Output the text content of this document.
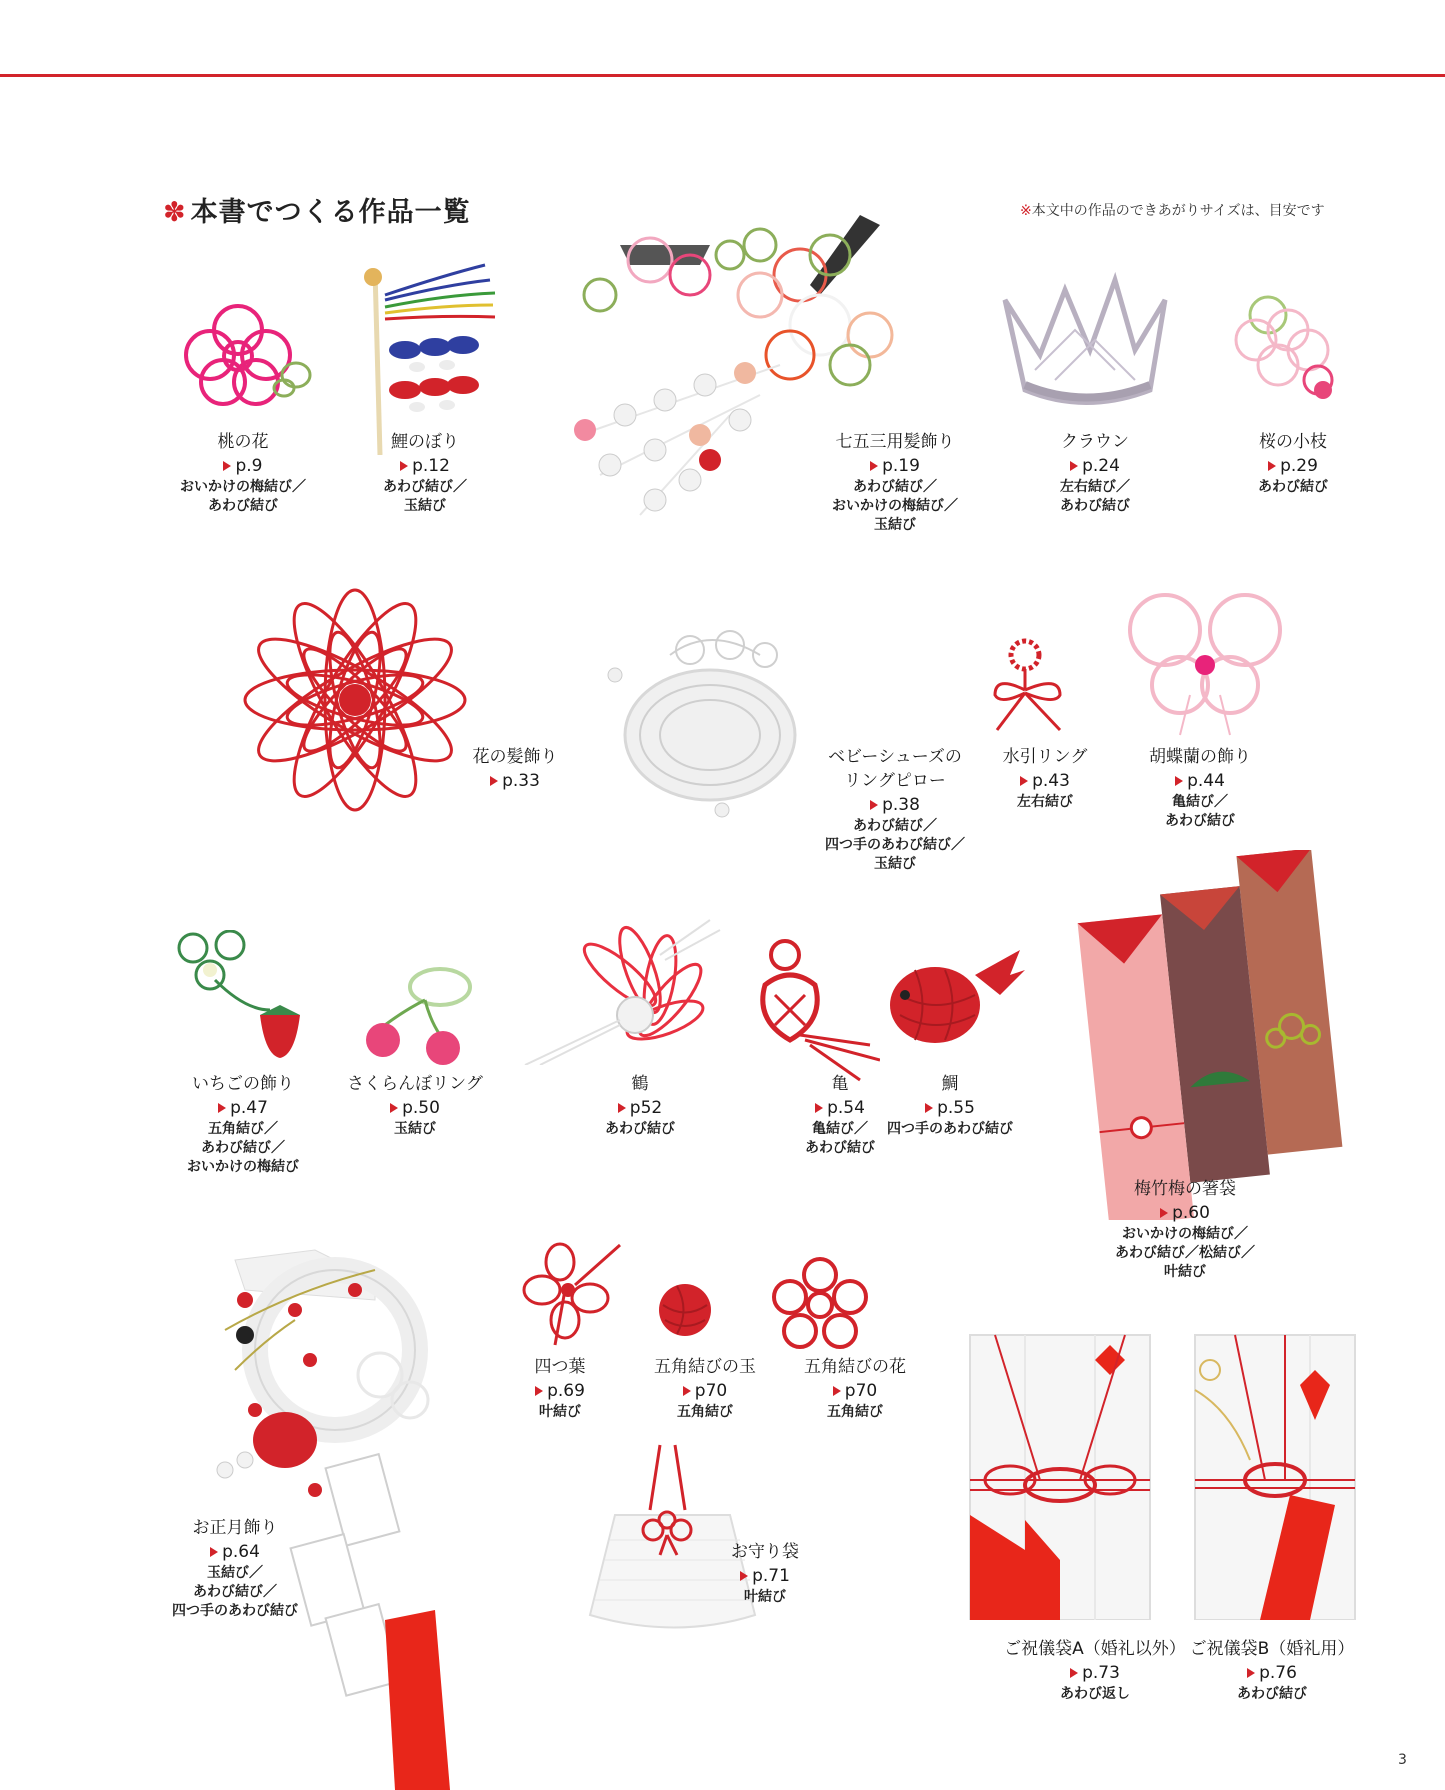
✽ 本書でつくる作品一覧	※本文中の作品のできあがりサイズは、目安です
桃の花
p.9
おいかけの梅結び／
あわび結び
鯉のぼり
p.12
あわび結び／
玉結び
七五三用髪飾り
p.19
あわび結び／
おいかけの梅結び／
玉結び
クラウン
p.24
左右結び／
あわび結び
桜の小枝
p.29
あわび結び
花の髪飾り
p.33
ベビーシューズの
リングピロー
p.38
あわび結び／
四つ手のあわび結び／
玉結び
水引リング
p.43
左右結び
胡蝶蘭の飾り
p.44
亀結び／
あわび結び
いちごの飾り
p.47
五角結び／
あわび結び／
おいかけの梅結び
さくらんぼリング
p.50
玉結び
鶴
p52
あわび結び
亀
p.54
亀結び／
あわび結び
鯛
p.55
四つ手のあわび結び
梅竹梅の箸袋
p.60
おいかけの梅結び／
あわび結び／松結び／
叶結び
お正月飾り
p.64
玉結び／
あわび結び／
四つ手のあわび結び
四つ葉
p.69
叶結び
五角結びの玉
p70
五角結び
五角結びの花
p70
五角結び
お守り袋
p.71
叶結び
ご祝儀袋A（婚礼以外）
p.73
あわび返し
ご祝儀袋B（婚礼用）
p.76
あわび結び
3
